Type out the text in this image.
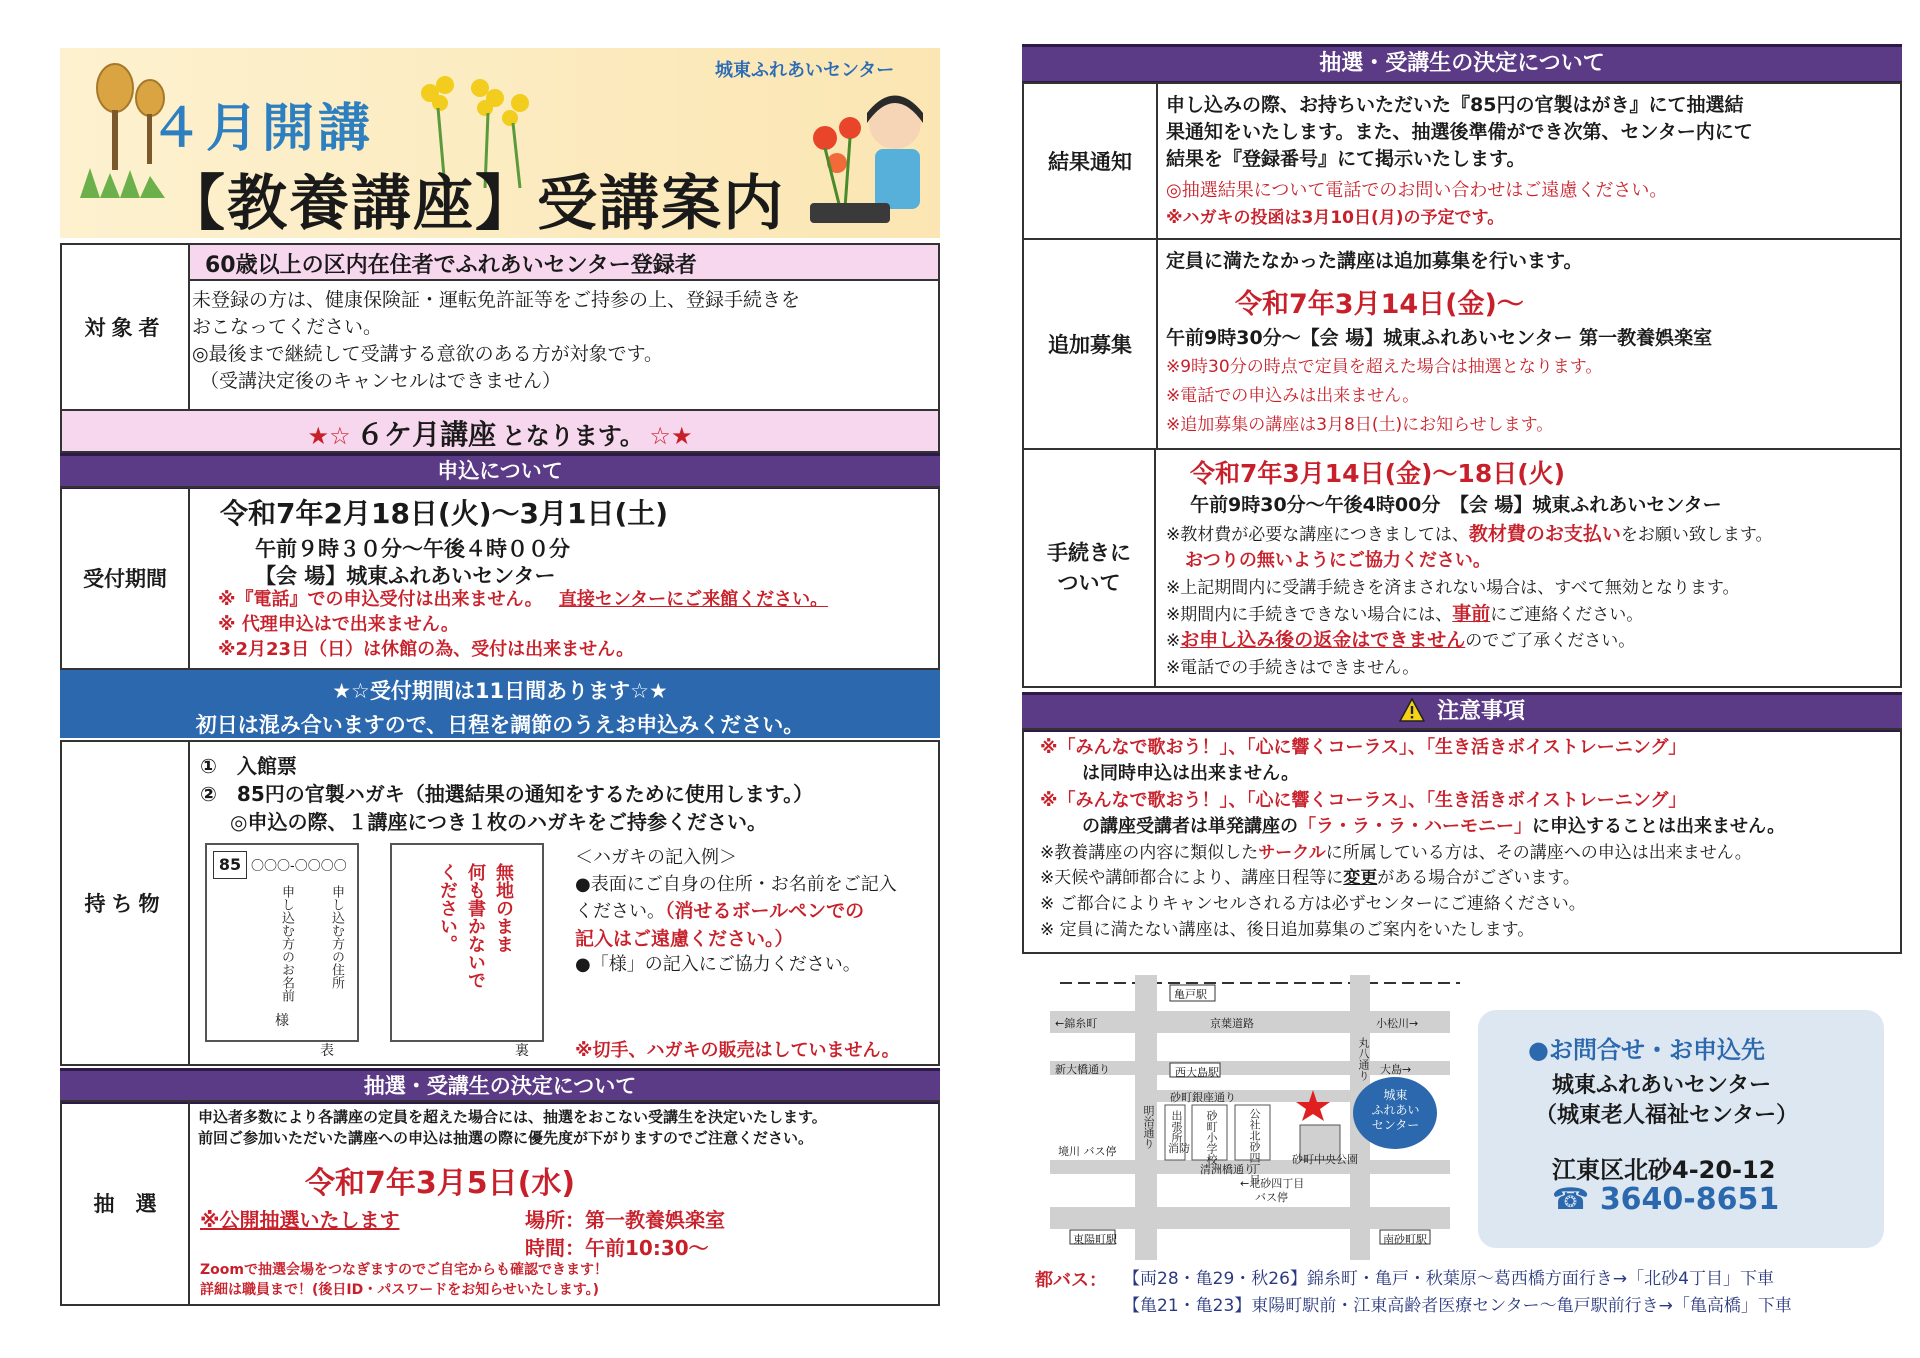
城東ふれあいセンター
４月開講
【教養講座】受講案内
対象者
60歳以上の区内在住者でふれあいセンター登録者
未登録の方は、健康保険証・運転免許証等をご持参の上、登録手続きを
おこなってください。
◎最後まで継続して受講する意欲のある方が対象です。
（受講決定後のキャンセルはできません）
★☆ ６ケ月講座 となります。 ☆★
申込について
受付期間
令和7年2月18日(火)～3月1日(土)
午前９時３０分～午後４時００分
【会 場】城東ふれあいセンター
※『電話』での申込受付は出来ません。 直接センターにご来館ください。
※ 代理申込はで出来ません。
※2月23日（日）は休館の為、受付は出来ません。
★☆受付期間は11日間あります☆★
初日は混み合いますので、日程を調節のうえお申込みください。
持ち物
①　入館票
②　85円の官製ハガキ（抽選結果の通知をするために使用します。）
◎申込の際、１講座につき１枚のハガキをご持参ください。
85 〇〇〇-〇〇〇〇
申し込む方の住所
申し込む方のお名前
様
表
無地のまま
何も書かないで
ください。
裏
＜ハガキの記入例＞
●表面にご自身の住所・お名前をご記入
ください。（消せるボールペンでの
記入はご遠慮ください。）
●「様」の記入にご協力ください。
※切手、ハガキの販売はしていません。
抽選・受講生の決定について
抽　選
申込者多数により各講座の定員を超えた場合には、抽選をおこない受講生を決定いたします。
前回ご参加いただいた講座への申込は抽選の際に優先度が下がりますのでご注意ください。
令和7年3月5日(水)
※公開抽選いたします	場所：第一教養娯楽室
時間：午前10:30～
Zoomで抽選会場をつなぎますのでご自宅からも確認できます！
詳細は職員まで！(後日ID・パスワードをお知らせいたします。)
抽選・受講生の決定について
結果通知
申し込みの際、お持ちいただいた『85円の官製はがき』にて抽選結
果通知をいたします。また、抽選後準備ができ次第、センター内にて
結果を『登録番号』にて掲示いたします。
◎抽選結果について電話でのお問い合わせはご遠慮ください。
※ハガキの投函は3月10日(月)の予定です。
追加募集
定員に満たなかった講座は追加募集を行います。
令和7年3月14日(金)～
午前9時30分～【会 場】城東ふれあいセンター 第一教養娯楽室
※9時30分の時点で定員を超えた場合は抽選となります。
※電話での申込みは出来ません。
※追加募集の講座は3月8日(土)にお知らせします。
手続きについて
令和7年3月14日(金)～18日(火)
午前9時30分～午後4時00分　【会 場】城東ふれあいセンター
※教材費が必要な講座につきましては、教材費のお支払いをお願い致します。
おつりの無いようにご協力ください。
※上記期間内に受講手続きを済まされない場合は、すべて無効となります。
※期間内に手続きできない場合には、事前にご連絡ください。
※お申し込み後の返金はできませんのでご了承ください。
※電話での手続きはできません。
注意事項
※「みんなで歌おう！」、「心に響くコーラス」、「生き活きボイストレーニング」
は同時申込は出来ません。
※「みんなで歌おう！」、「心に響くコーラス」、「生き活きボイストレーニング」
の講座受講者は単発講座の「ラ・ラ・ラ・ハーモニー」に申込することは出来ません。
※教養講座の内容に類似したサークルに所属している方は、その講座への申込は出来ません。
※天候や講師都合により、講座日程等に変更がある場合がございます。
※ ご都合によりキャンセルされる方は必ずセンターにご連絡ください。
※ 定員に満たない講座は、後日追加募集のご案内をいたします。
亀戸駅
←錦糸町	京葉道路	小松川→
新大橋通り	西大島駅	大島→
丸八通り
砂町銀座通り
明治通り 出張所 砂町小学校	公社北砂四丁目
城東
ふれあい
センター
境川 バス停	消防
清洲橋通り
砂町中央公園
←北砂四丁目
バス停
東陽町駅	南砂町駅
●お問合せ・お申込先
城東ふれあいセンター
（城東老人福祉センター）
江東区北砂4-20-12
☎ 3640-8651
都バス： 【両28・亀29・秋26】錦糸町・亀戸・秋葉原～葛西橋方面行き→「北砂4丁目」下車
【亀21・亀23】東陽町駅前・江東高齢者医療センター～亀戸駅前行き→「亀高橋」下車
